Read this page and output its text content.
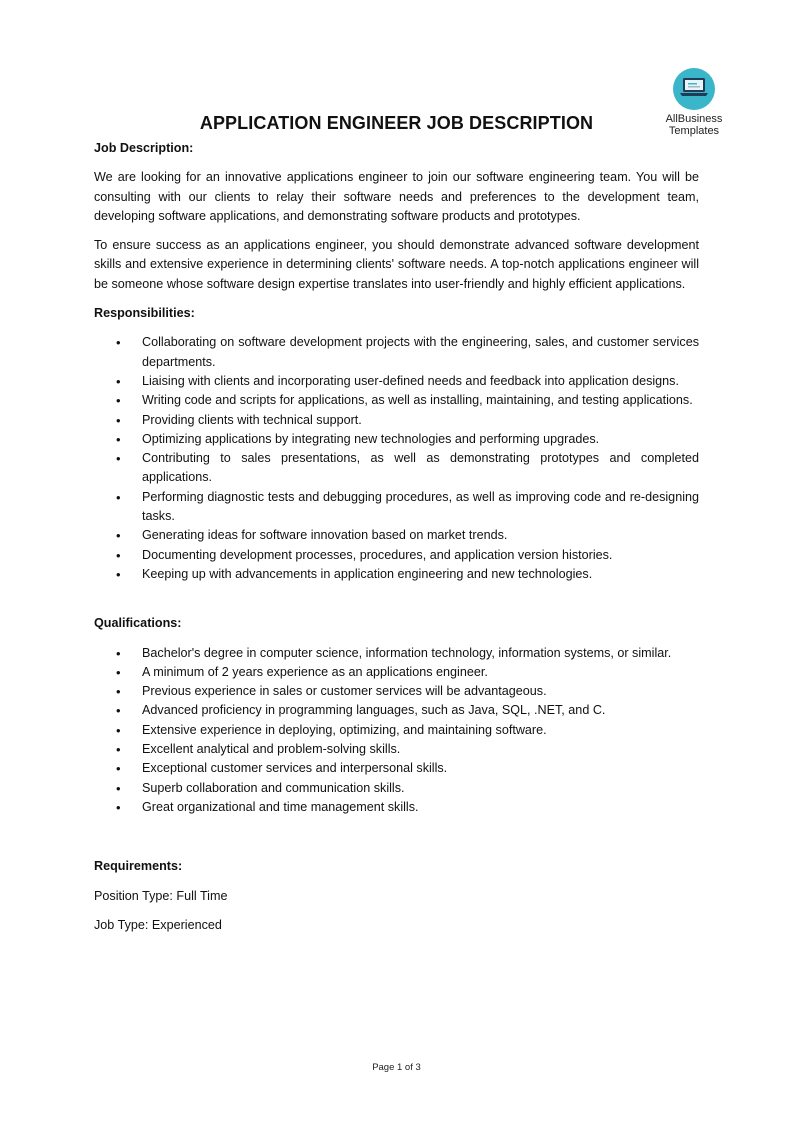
AllBusiness
Templates
APPLICATION ENGINEER JOB DESCRIPTION

Job Description:

We are looking for an innovative applications engineer to join our software engineering team. You will be consulting with our clients to relay their software needs and preferences to the development team, developing software applications, and demonstrating software products and prototypes.

To ensure success as an applications engineer, you should demonstrate advanced software development skills and extensive experience in determining clients' software needs. A top-notch applications engineer will be someone whose software design expertise translates into user-friendly and highly efficient applications.

Responsibilities:

• Collaborating on software development projects with the engineering, sales, and customer services departments.
• Liaising with clients and incorporating user-defined needs and feedback into application designs.
• Writing code and scripts for applications, as well as installing, maintaining, and testing applications.
• Providing clients with technical support.
• Optimizing applications by integrating new technologies and performing upgrades.
• Contributing to sales presentations, as well as demonstrating prototypes and completed applications.
• Performing diagnostic tests and debugging procedures, as well as improving code and re-designing tasks.
• Generating ideas for software innovation based on market trends.
• Documenting development processes, procedures, and application version histories.
• Keeping up with advancements in application engineering and new technologies.

Qualifications:

• Bachelor's degree in computer science, information technology, information systems, or similar.
• A minimum of 2 years experience as an applications engineer.
• Previous experience in sales or customer services will be advantageous.
• Advanced proficiency in programming languages, such as Java, SQL, .NET, and C.
• Extensive experience in deploying, optimizing, and maintaining software.
• Excellent analytical and problem-solving skills.
• Exceptional customer services and interpersonal skills.
• Superb collaboration and communication skills.
• Great organizational and time management skills.

Requirements:

Position Type: Full Time

Job Type: Experienced

Page 1 of 3
